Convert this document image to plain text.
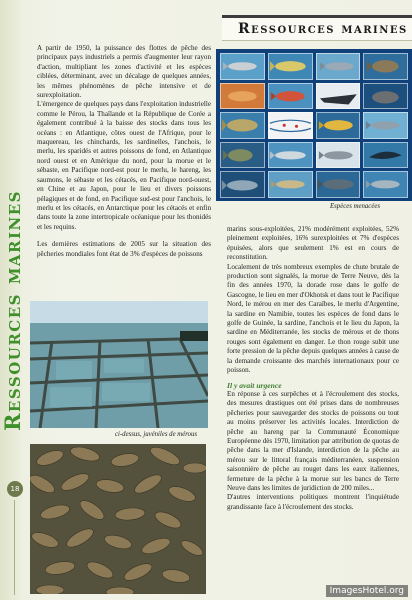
Ressources marines
18
Ressources marines

A partir de 1950, la puissance des flottes de pêche des principaux pays industriels a permis d'augmenter leur rayon d'action, multipliant les zones d'activité et les espèces ciblées, déterminant, avec un décalage de quelques années, les mêmes phénomènes de pêche intensive et de surexploitation.

L'émergence de quelques pays dans l'exploitation industrielle comme le Pérou, la Thaïlande et la République de Corée a également contribué à la baisse des stocks dans tous les océans : en Atlantique, côtes ouest de l'Afrique, pour le maquereau, les chinchards, les sardinelles, l'anchois, le merlu, les sparidés et autres poissons de fond, en Atlantique nord ouest et en Amérique du nord, pour la morue et le sébaste, en Pacifique nord-est pour le merlu, le hareng, les saumons, le sébaste et les cétacés, en Pacifique nord-ouest, en Chine et au Japon, pour le lieu et divers poissons pélagiques et de fond, en Pacifique sud-est pour l'anchois, le merlu et les cétacés, en Antarctique pour les cétacés et enfin dans toute la zone intertropicale océanique pour les thonidés et les requins.

Les dernières estimations de 2005 sur la situation des pêcheries mondiales font état de 3% d'espèces de poissons

Espèces menacées
ci-dessus, juvéniles de mérous

marins sous-exploitées, 21% modérément exploitées, 52% pleinement exploitées, 16% surexploitées et 7% d'espèces épuisées, alors que seulement 1% est en cours de reconstitution.

Localement de très nombreux exemples de chute brutale de production sont signalés, la morue de Terre Neuve, dès la fin des années 1970, la dorade rose dans le golfe de Gascogne, le lieu en mer d'Okhotsk et dans tout le Pacifique Nord, le mérou en mer des Caraïbes, le merlu d'Argentine, la sardine en Namibie, toutes les espèces de fond dans le golfe de Guinée, la sardine, l'anchois et le lieu du Japon, la sardine en Méditerranée, les stocks de mérous et de thons rouges sont également en danger. Le thon rouge subit une forte pression de la pêche depuis quelques années à cause de la demande croissante des marchés internationaux pour ce poisson.

Il y avait urgence

En réponse à ces surpêches et à l'écroulement des stocks, des mesures drastiques ont été prises dans de nombreuses pêcheries pour sauvegarder des stocks de poissons ou tout au moins préserver les activités locales. Interdiction de pêche au hareng par la Communauté Économique Européenne dès 1970, limitation par attribution de quotas de pêche dans la mer d'Islande, interdiction de la pêche au mérou sur le littoral français méditerranéen, suspension saisonnière de pêche au rouget dans les eaux italiennes, fermeture de la pêche à la morue sur les bancs de Terre Neuve dans les limites de juridiction de 200 miles...

D'autres interventions politiques montrent l'inquiétude grandissante face à l'écroulement des stocks.

ImagesHotel.org
